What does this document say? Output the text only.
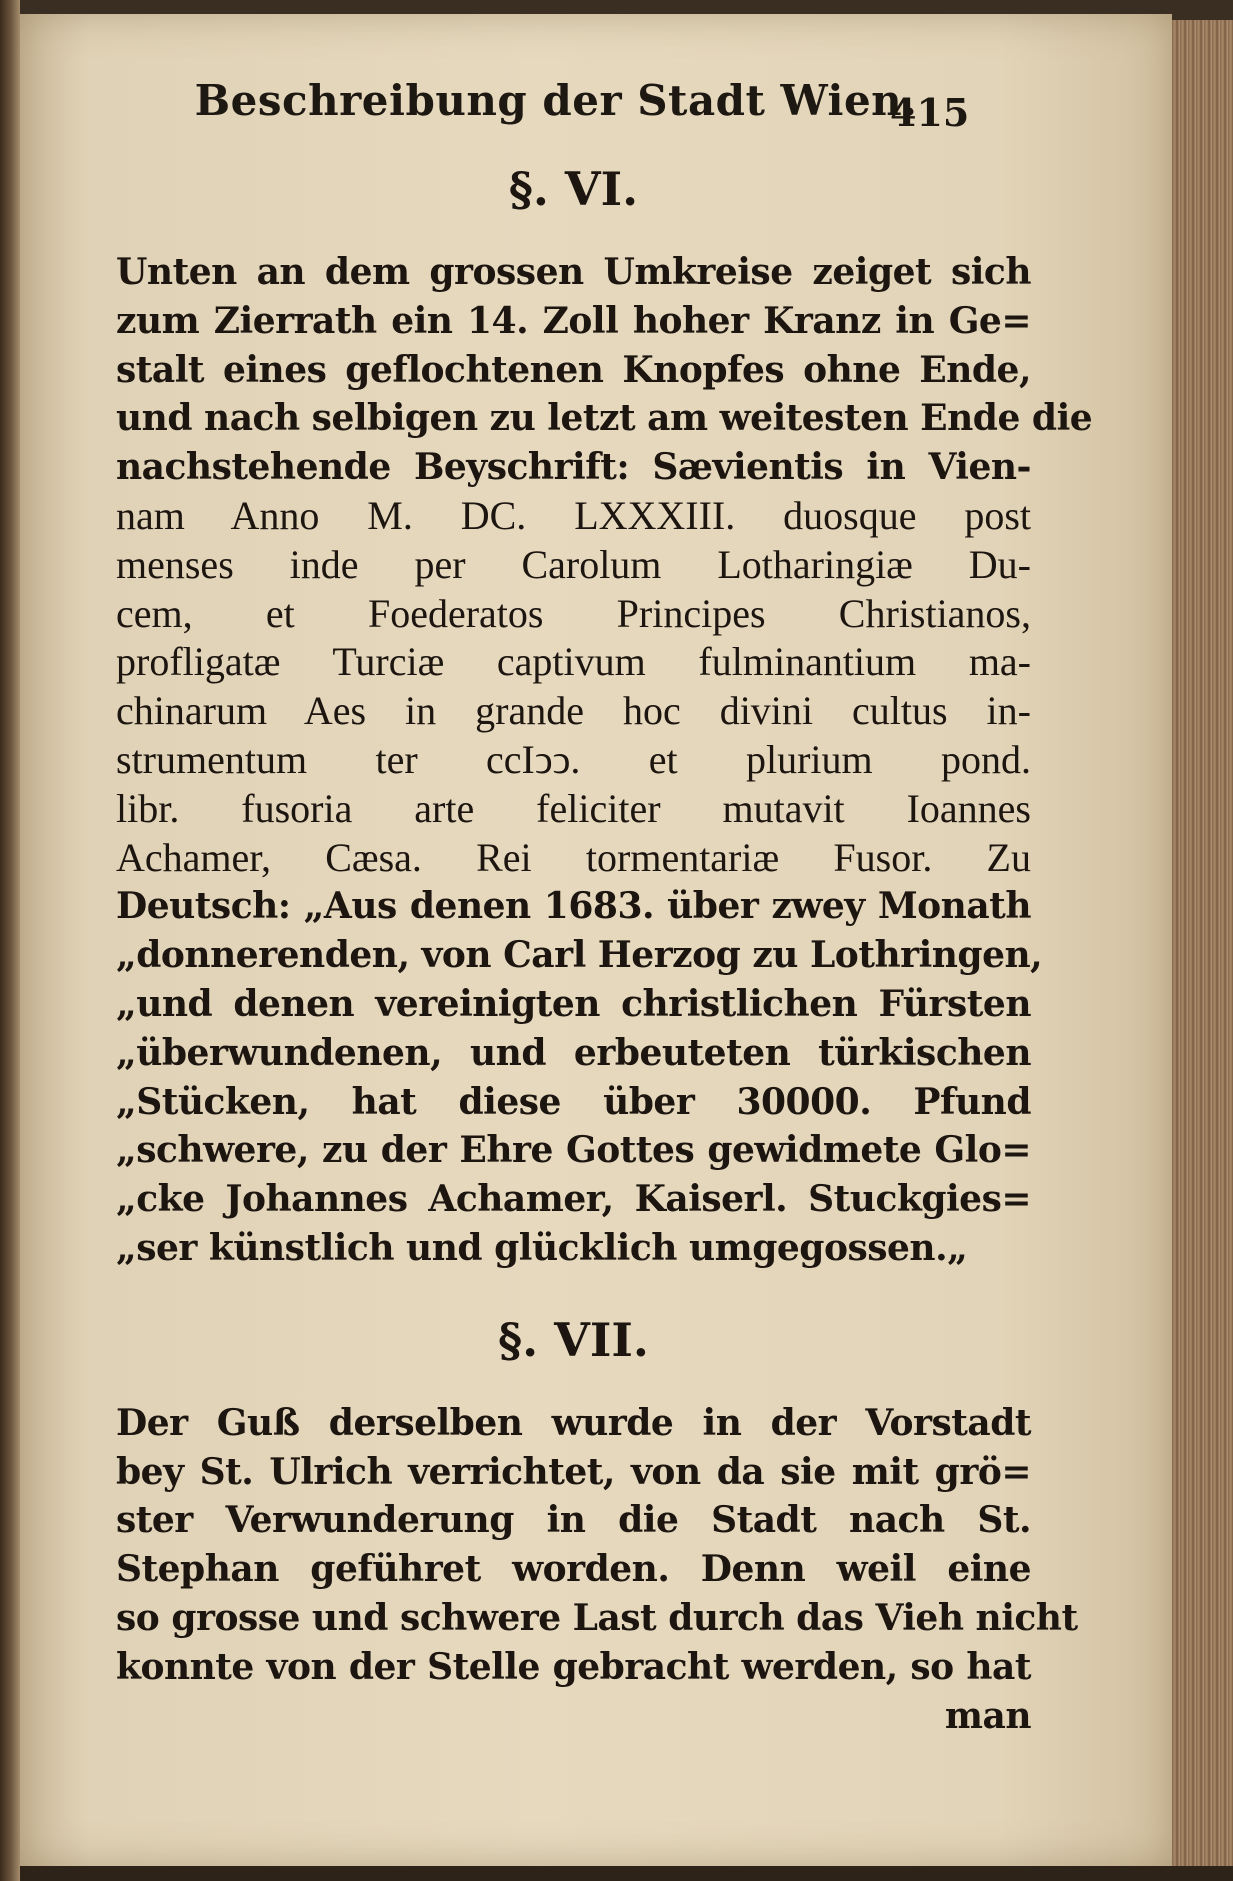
Beschreibung der Stadt Wien.
415
§. VI.
Unten an dem grossen Umkreise zeiget sich
zum Zierrath ein 14. Zoll hoher Kranz in Ge=
stalt eines geflochtenen Knopfes ohne Ende,
und nach selbigen zu letzt am weitesten Ende die
nachstehende Beyschrift: Sævientis in Vien-
nam Anno M. DC. LXXXIII. duosque post
menses inde per Carolum Lotharingiæ Du-
cem, et Foederatos Principes Christianos,
profligatæ Turciæ captivum fulminantium ma-
chinarum Aes in grande hoc divini cultus in-
strumentum ter ccIↄↄ. et plurium pond.
libr. fusoria arte feliciter mutavit Ioannes
Achamer, Cæsa. Rei tormentariæ Fusor. Zu
Deutsch: „Aus denen 1683. über zwey Monath
„donnerenden, von Carl Herzog zu Lothringen,
„und denen vereinigten christlichen Fürsten
„überwundenen, und erbeuteten türkischen
„Stücken, hat diese über 30000. Pfund
„schwere, zu der Ehre Gottes gewidmete Glo=
„cke Johannes Achamer, Kaiserl. Stuckgies=
„ser künstlich und glücklich umgegossen.„
§. VII.
Der Guß derselben wurde in der Vorstadt
bey St. Ulrich verrichtet, von da sie mit grö=
ster Verwunderung in die Stadt nach St.
Stephan geführet worden. Denn weil eine
so grosse und schwere Last durch das Vieh nicht
konnte von der Stelle gebracht werden, so hat
man
